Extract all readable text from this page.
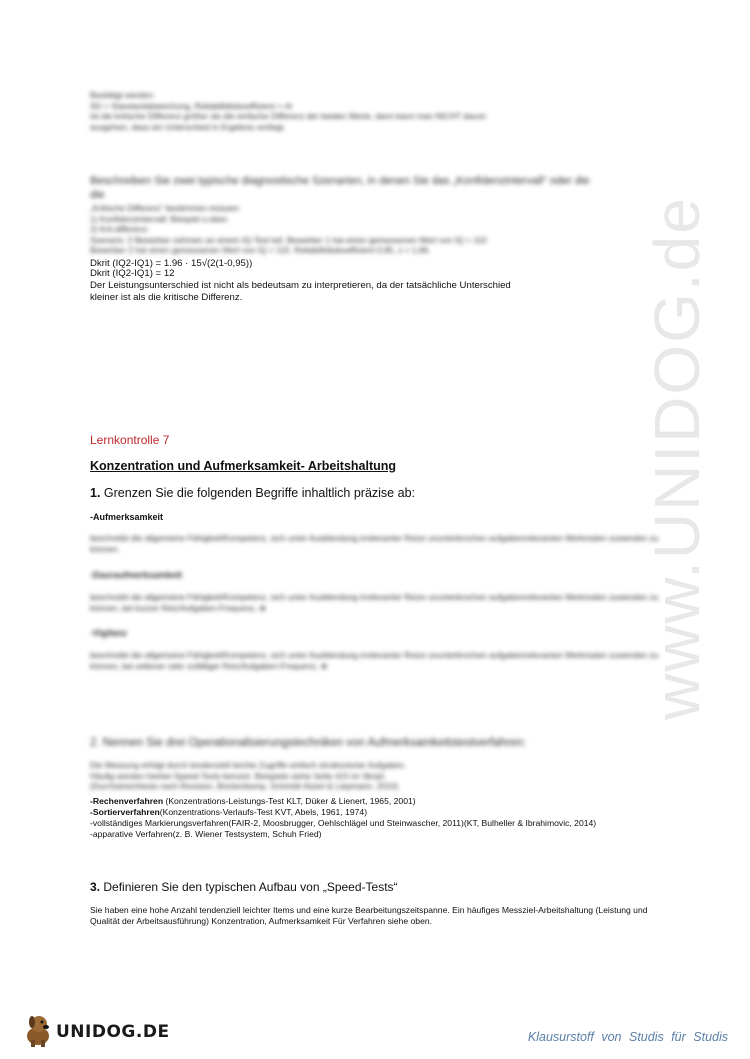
www.UNIDOG.de

Bestätigt werden:

SD = Standardabweichung, Reliabilitätskoeffizient = rtt

Ist die kritische Differenz größer als die einfache Differenz der beiden Werte, dann kann man NICHT davon

ausgehen, dass ein Unterschied in Ergebnis vorliegt.

Beschreiben Sie zwei typische diagnostische Szenarien, in denen Sie das „Konfidenzintervall“ oder die

die

„Kritische Differenz“ bestimmen müssen:

1) Konfidenzintervall: Beispiel s.oben

2) Krit.differenz:

Szenario: 2 Bewerber nehmen an einem IQ-Test teil. Bewerber 1 hat einen gemessenen Wert von IQ = 110

Bewerber 2 hat einen gemessenen Wert von IQ = 115. Reliabilitätskoeffizient 0,95, z = 1,96.

Dkrit (IQ2-IQ1) = 1.96 · 15√(2(1-0,95))

Dkrit (IQ2-IQ1) = 12

Der Leistungsunterschied ist nicht als bedeutsam zu interpretieren, da der tatsächliche Unterschied

kleiner ist als die kritische Differenz.

Lernkontrolle 7
Konzentration und Aufmerksamkeit- Arbeitshaltung
1. Grenzen Sie die folgenden Begriffe inhaltlich präzise ab:
-Aufmerksamkeit
beschreibt die allgemeine Fähigkeit/Kompetenz, sich unter Ausblendung irrelevanter Reize ununterbrochen aufgabenrelevanten Merkmalen zuwenden zu können.
-Dauraufmerksamkeit
beschreibt die allgemeine Fähigkeit/Kompetenz, sich unter Ausblendung irrelevanter Reize ununterbrochen aufgabenrelevanten Merkmalen zuwenden zu können, bei kurzer Reiz/Aufgaben-Frequenz, ⊕
-Vigilanz
beschreibt die allgemeine Fähigkeit/Kompetenz, sich unter Ausblendung irrelevanter Reize ununterbrochen aufgabenrelevanten Merkmalen zuwenden zu können, bei seltener oder zufälliger Reiz/Aufgaben-Frequenz, ⊕
2. Nennen Sie drei Operationalisierungstechniken von Aufmerksamkeitstestverfahren:

Die Messung erfolgt durch tendenziell leichte Zugriffe einfach strukturierter Aufgaben.

Häufig werden hierbei Speed-Tests benutzt. Beispiele siehe Seite 415 im Skript.

(Durchstreichtests nach Revision, Brickenkamp, Schmidt-Atzert & Liepmann, 2010)

-Rechenverfahren (Konzentrations-Leistungs-Test KLT, Düker & Lienert, 1965, 2001)

-Sortierverfahren(Konzentrations-Verlaufs-Test KVT, Abels, 1961, 1974)

-vollständiges Markierungsverfahren(FAIR-2, Moosbrugger, Oehlschlägel und Steinwascher, 2011)(KT, Bulheller & Ibrahimovic, 2014)

-apparative Verfahren(z. B. Wiener Testsystem, Schuh Fried)

3. Definieren Sie den typischen Aufbau von „Speed-Tests“
Sie haben eine hohe Anzahl tendenziell leichter Items und eine kurze Bearbeitungszeitspanne. Ein häufiges Messziel-Arbeitshaltung (Leistung und Qualität der Arbeitsausführung) Konzentration, Aufmerksamkeit Für Verfahren siehe oben.
UNIDOG.DE	Klausurstoff von Studis für Studis
